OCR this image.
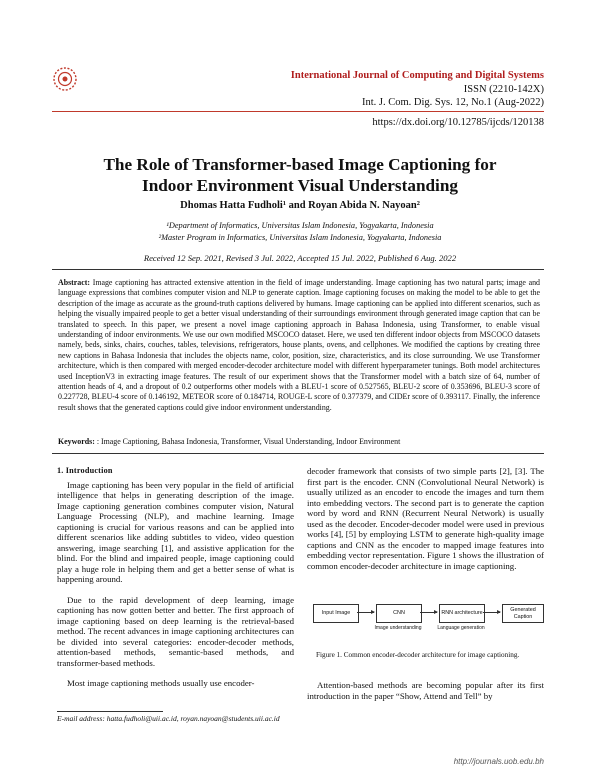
International Journal of Computing and Digital Systems
ISSN (2210-142X)
Int. J. Com. Dig. Sys. 12, No.1 (Aug-2022)
https://dx.doi.org/10.12785/ijcds/120138
The Role of Transformer-based Image Captioning for
Indoor Environment Visual Understanding
Dhomas Hatta Fudholi¹ and Royan Abida N. Nayoan²
¹Department of Informatics, Universitas Islam Indonesia, Yogyakarta, Indonesia
²Master Program in Informatics, Universitas Islam Indonesia, Yogyakarta, Indonesia
Received 12 Sep. 2021, Revised 3 Jul. 2022, Accepted 15 Jul. 2022, Published 6 Aug. 2022
Abstract: Image captioning has attracted extensive attention in the field of image understanding. Image captioning has two natural parts; image and language expressions that combines computer vision and NLP to generate caption. Image captioning focuses on making the model to be able to get the description of the image as accurate as the ground-truth captions delivered by humans. Image captioning can be applied into different scenarios, such as helping the visually impaired people to get a better visual understanding of their surroundings environment through generated image caption that can be translated to speech. In this paper, we present a novel image captioning approach in Bahasa Indonesia, using Transformer, to enable visual understanding of indoor environments. We use our own modified MSCOCO dataset. Here, we used ten different indoor objects from MSCOCO datasets namely, beds, sinks, chairs, couches, tables, televisions, refrigerators, house plants, ovens, and cellphones. We modified the captions by creating three new captions in Bahasa Indonesia that includes the objects name, color, position, size, characteristics, and its close surrounding. We use Transformer architecture, which is then compared with merged encoder-decoder architecture model with different hyperparameter tunings. Both model architectures used InceptionV3 in extracting image features. The result of our experiment shows that the Transformer model with a batch size of 64, number of attention heads of 4, and a dropout of 0.2 outperforms other models with a BLEU-1 score of 0.527565, BLEU-2 score of 0.353696, BLEU-3 score of 0.227728, BLEU-4 score of 0.146192, METEOR score of 0.184714, ROUGE-L score of 0.377379, and CIDEr score of 0.393117. Finally, the inference result shows that the generated captions could give indoor environment understanding.
Keywords: : Image Captioning, Bahasa Indonesia, Transformer, Visual Understanding, Indoor Environment
1. Introduction

Image captioning has been very popular in the field of artificial intelligence that helps in generating description of the image. Image captioning generation combines computer vision, Natural Language Processing (NLP), and machine learning. Image captioning is crucial for various reasons and can be applied into different scenarios like adding subtitles to video, video question answering, image searching [1], and assistive application for the blind. For the blind and impaired people, image captioning could play a huge role in helping them and get a better sense of what is happening around.

Due to the rapid development of deep learning, image captioning has now gotten better and better. The first approach of image captioning based on deep learning is the retrieval-based method. The recent advances in image captioning architectures can be divided into several categories: encoder-decoder methods, attention-based methods, semantic-based methods, and transformer-based methods.

Most image captioning methods usually use encoder-

decoder framework that consists of two simple parts [2], [3]. The first part is the encoder. CNN (Convolutional Neural Network) is usually utilized as an encoder to encode the images and turn them into embedding vectors. The second part is to generate the caption word by word and RNN (Recurrent Neural Network) is usually used as the decoder. Encoder-decoder model were used in previous works [4], [5] by employing LSTM to generate high-quality image captions and CNN as the encoder to mapped image features into embedding vector representation. Figure 1 shows the illustration of common encoder-decoder architecture in image captioning.

Input Image	CNN	RNN architecture
Generated Caption
Image understanding	Language generation
Figure 1. Common encoder-decoder architecture for image captioning.

Attention-based methods are becoming popular after its first introduction in the paper “Show, Attend and Tell” by

E-mail address: hatta.fudholi@uii.ac.id, royan.nayoan@students.uii.ac.id
http://journals.uob.edu.bh
